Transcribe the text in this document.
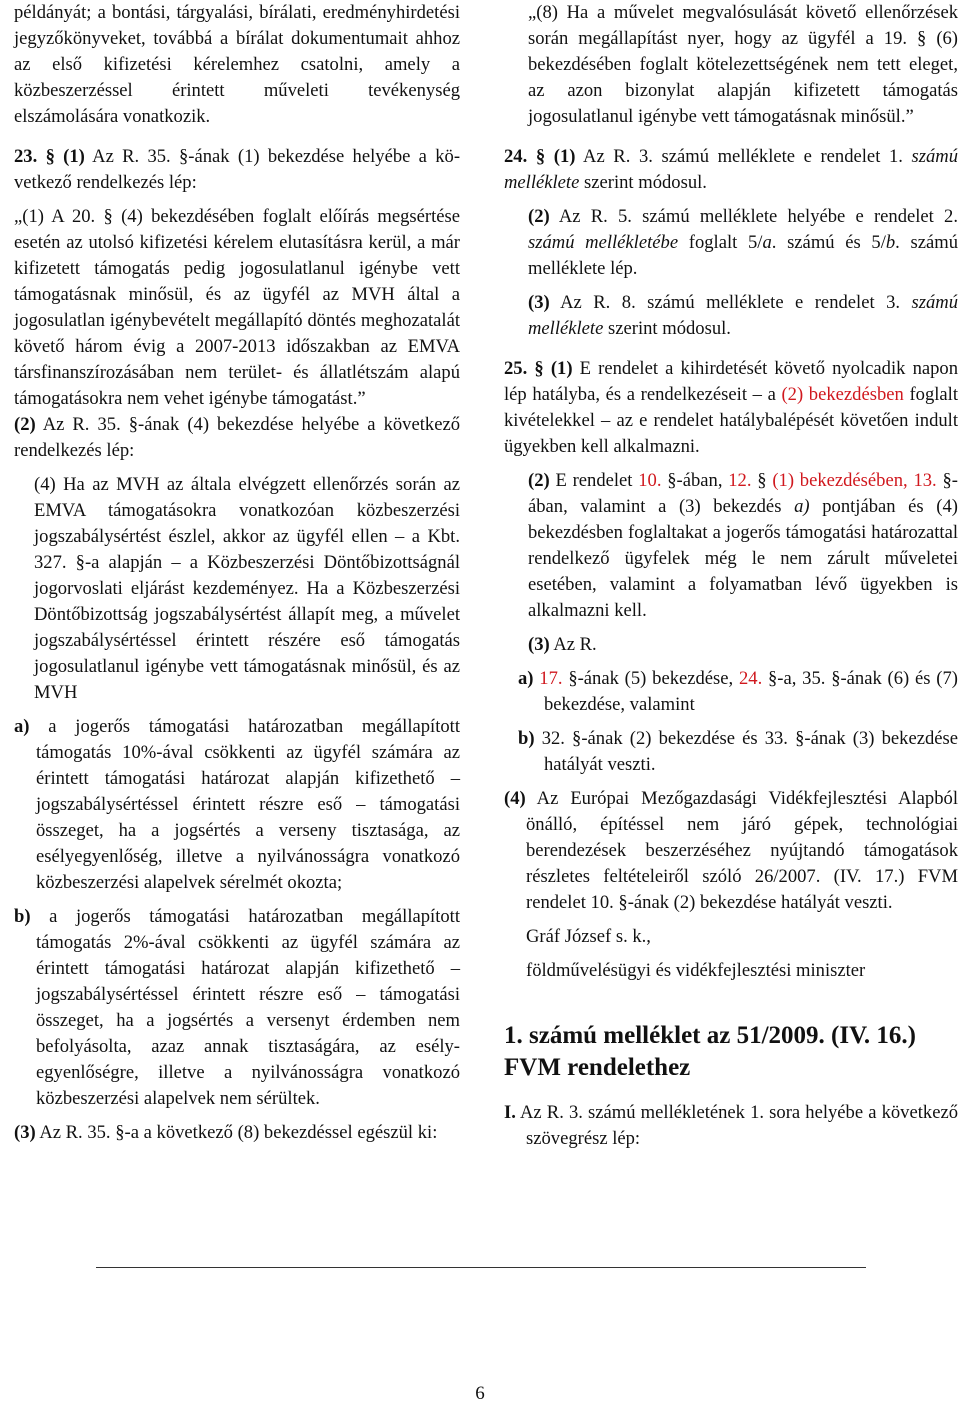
példányát; a bontási, tárgyalási, bírálati, eredményhirdetési jegyzőkönyveket, továbbá a bírálat dokumentumait ahhoz az első kifizetési kérelemhez csatolni, amely a közbeszerzéssel érintett műveleti tevékenység elszámolására vonatkozik.

23. § (1) Az R. 35. §-ának (1) bekezdése helyébe a következő rendelkezés lép:

„(1) A 20. § (4) bekezdésében foglalt előírás megsértése esetén az utolsó kifizetési kérelem elutasításra kerül, a már kifizetett támogatás pedig jogosulatlanul igénybe vett támogatásnak minősül, és az ügyfél az MVH által a jogosulatlan igénybevételt megállapító döntés meghozatalát követő három évig a 2007-2013 időszakban az EMVA társfinanszírozásában nem terület- és állatlétszám alapú támogatásokra nem vehet igénybe támogatást.”

(2) Az R. 35. §-ának (4) bekezdése helyébe a következő rendelkezés lép:

(4) Ha az MVH az általa elvégzett ellenőrzés során az EMVA támogatásokra vonatkozóan közbeszerzési jogszabálysértést észlel, akkor az ügyfél ellen – a Kbt. 327. §-a alapján – a Közbeszerzési Döntőbizottságnál jogorvoslati eljárást kezdeményez. Ha a Közbeszerzési Döntőbizottság jogszabálysértést állapít meg, a művelet jogszabálysértéssel érintett részére eső támogatás jogosulatlanul igénybe vett támogatásnak minősül, és az MVH

a) a jogerős támogatási határozatban megállapított támogatás 10%-ával csökkenti az ügyfél számára az érintett támogatási határozat alapján kifizethető – jogszabálysértéssel érintett részre eső – támogatási összeget, ha a jogsértés a verseny tisztasága, az esélyegyenlőség, illetve a nyilvánosságra vonatkozó közbeszerzési alapelvek sérelmét okozta;

b) a jogerős támogatási határozatban megállapított támogatás 2%-ával csökkenti az ügyfél számára az érintett támogatási határozat alapján kifizethető – jogszabálysértéssel érintett részre eső – támogatási összeget, ha a jogsértés a versenyt érdemben nem befolyásolta, azaz annak tisztaságára, az esélyegyenlőségre, illetve a nyilvánosságra vonatkozó közbeszerzési alapelvek nem sérültek.

(3) Az R. 35. §-a a következő (8) bekezdéssel egészül ki:

„(8) Ha a művelet megvalósulását követő ellenőrzések során megállapítást nyer, hogy az ügyfél a 19. § (6) bekezdésében foglalt kötelezettségének nem tett eleget, az azon bizonylat alapján kifizetett támogatás jogosulatlanul igénybe vett támogatásnak minősül.”

24. § (1) Az R. 3. számú melléklete e rendelet 1. számú melléklete szerint módosul.

(2) Az R. 5. számú melléklete helyébe e rendelet 2. számú mellékletébe foglalt 5/a. számú és 5/b. számú melléklete lép.

(3) Az R. 8. számú melléklete e rendelet 3. számú melléklete szerint módosul.

25. § (1) E rendelet a kihirdetését követő nyolcadik napon lép hatályba, és a rendelkezéseit – a (2) bekezdésben foglalt kivételekkel – az e rendelet hatálybalépését követően indult ügyekben kell alkalmazni.

(2) E rendelet 10. §-ában, 12. § (1) bekezdésében, 13. §-ában, valamint a (3) bekezdés a) pontjában és (4) bekezdésben foglaltakat a jogerős támogatási határozattal rendelkező ügyfelek még le nem zárult műveletei esetében, valamint a folyamatban lévő ügyekben is alkalmazni kell.

(3) Az R.

a) 17. §-ának (5) bekezdése, 24. §-a, 35. §-ának (6) és (7) bekezdése, valamint

b) 32. §-ának (2) bekezdése és 33. §-ának (3) bekezdése hatályát veszti.

(4) Az Európai Mezőgazdasági Vidékfejlesztési Alapból önálló, építéssel nem járó gépek, technológiai berendezések beszerzéséhez nyújtandó támogatások részletes feltételeiről szóló 26/2007. (IV. 17.) FVM rendelet 10. §-ának (2) bekezdése hatályát veszti.

Gráf József s. k.,

földművelésügyi és vidékfejlesztési miniszter

1. számú melléklet az 51/2009. (IV. 16.) FVM rendelethez

I. Az R. 3. számú mellékletének 1. sora helyébe a következő szövegrész lép:

6
